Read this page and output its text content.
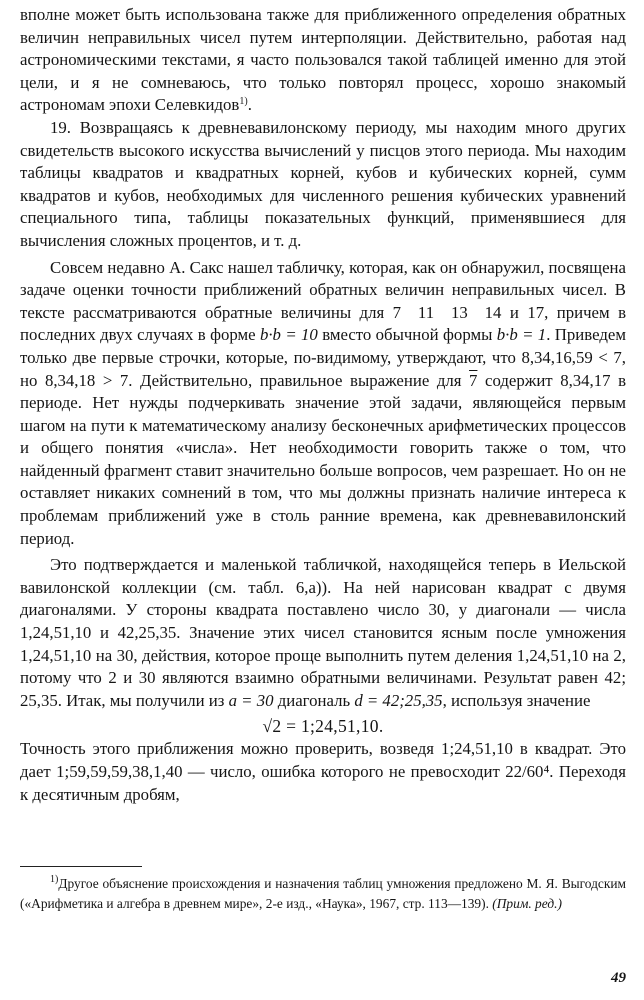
вполне может быть использована также для приближенного определения обратных величин неправильных чисел путем интерполяции. Действительно, работая над астрономическими текстами, я часто пользовался такой таблицей именно для этой цели, и я не сомневаюсь, что только повторял процесс, хорошо знакомый астрономам эпохи Селевкидов$^{1)}$.

19. Возвращаясь к древневавилонскому периоду, мы находим много других свидетельств высокого искусства вычислений у писцов этого периода. Мы находим таблицы квадратов и квадратных корней, кубов и кубических корней, сумм квадратов и кубов, необходимых для численного решения кубических уравнений специального типа, таблицы показательных функций, применявшиеся для вычисления сложных процентов, и т. д.

Совсем недавно А. Сакс нашел табличку, которая, как он обнаружил, посвящена задаче оценки точности приближений обратных величин неправильных чисел. В тексте рассматриваются обратные величины для 7  11  13  14 и 17, причем в последних двух случаях в форме b·b = 10 вместо обычной формы b·b = 1. Приведем только две первые строчки, которые, по-видимому, утверждают, что 8,34,16,59 < 7, но 8,34,18 > 7. Действительно, правильное выражение для 7 содержит 8,34,17 в периоде. Нет нужды подчеркивать значение этой задачи, являющейся первым шагом на пути к математическому анализу бесконечных арифметических процессов и общего понятия «числа». Нет необходимости говорить также о том, что найденный фрагмент ставит значительно больше вопросов, чем разрешает. Но он не оставляет никаких сомнений в том, что мы должны признать наличие интереса к проблемам приближений уже в столь ранние времена, как древневавилонский период.

Это подтверждается и маленькой табличкой, находящейся теперь в Иельской вавилонской коллекции (см. табл. 6,а)). На ней нарисован квадрат с двумя диагоналями. У стороны квадрата поставлено число 30, у диагонали — числа 1,24,51,10 и 42,25,35. Значение этих чисел становится ясным после умножения 1,24,51,10 на 30, действия, которое проще выполнить путем деления 1,24,51,10 на 2, потому что 2 и 30 являются взаимно обратными величинами. Результат равен 42; 25,35. Итак, мы получили из a = 30 диагональ d = 42;25,35, используя значение

√2 = 1;24,51,10.

Точность этого приближения можно проверить, возведя 1;24,51,10 в квадрат. Это дает 1;59,59,59,38,1,40 — число, ошибка которого не превосходит 22/60⁴. Переходя к десятичным дробям,

$^{1)}$Другое объяснение происхождения и назначения таблиц умножения предложено М. Я. Выгодским («Арифметика и алгебра в древнем мире», 2-е изд., «Наука», 1967, стр. 113—139). (Прим. ред.)

49
